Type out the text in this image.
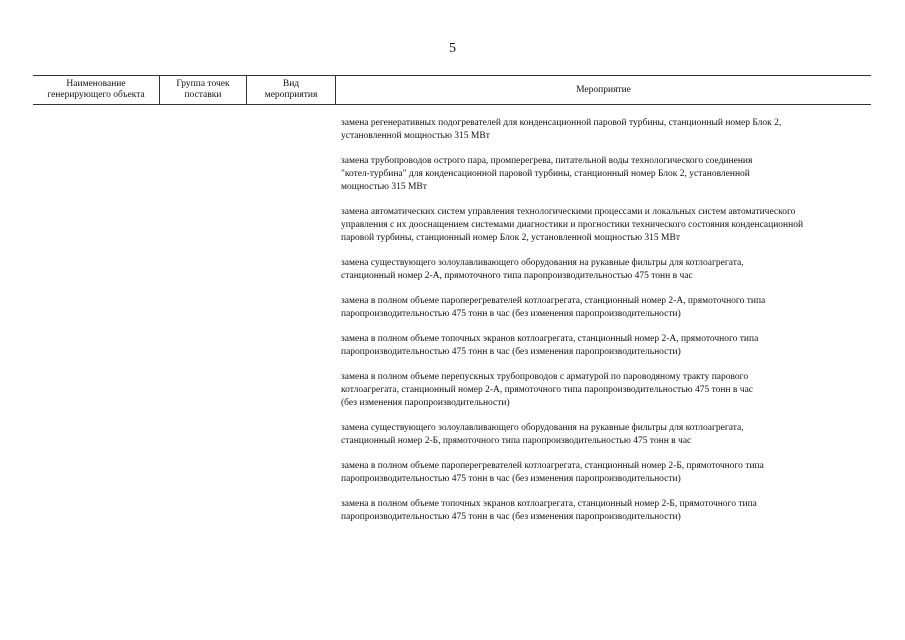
5
Наименование
генерирующего объекта
Группа точек
поставки
Вид
мероприятия
Мероприятие

замена регенеративных подогревателей для конденсационной паровой турбины, станционный номер Блок 2,
установленной мощностью 315 МВт

замена трубопроводов острого пара, промперегрева, питательной воды технологического соединения
"котел-турбина" для конденсационной паровой турбины, станционный номер Блок 2, установленной
мощностью 315 МВт

замена автоматических систем управления технологическими процессами и локальных систем автоматического
управления с их дооснащением системами диагностики и прогностики технического состояния конденсационной
паровой турбины, станционный номер Блок 2, установленной мощностью 315 МВт

замена существующего золоулавливающего оборудования на рукавные фильтры для котлоагрегата,
станционный номер 2-А, прямоточного типа паропроизводительностью 475 тонн в час

замена в полном объеме пароперегревателей котлоагрегата, станционный номер 2-А, прямоточного типа
паропроизводительностью 475 тонн в час (без изменения паропроизводительности)

замена в полном объеме топочных экранов котлоагрегата, станционный номер 2-А, прямоточного типа
паропроизводительностью 475 тонн в час (без изменения паропроизводительности)

замена в полном объеме перепускных трубопроводов с арматурой по пароводяному тракту парового
котлоагрегата, станционный номер 2-А, прямоточного типа паропроизводительностью 475 тонн в час
(без изменения паропроизводительности)

замена существующего золоулавливающего оборудования на рукавные фильтры для котлоагрегата,
станционный номер 2-Б, прямоточного типа паропроизводительностью 475 тонн в час

замена в полном объеме пароперегревателей котлоагрегата, станционный номер 2-Б, прямоточного типа
паропроизводительностью 475 тонн в час (без изменения паропроизводительности)

замена в полном объеме топочных экранов котлоагрегата, станционный номер 2-Б, прямоточного типа
паропроизводительностью 475 тонн в час (без изменения паропроизводительности)
